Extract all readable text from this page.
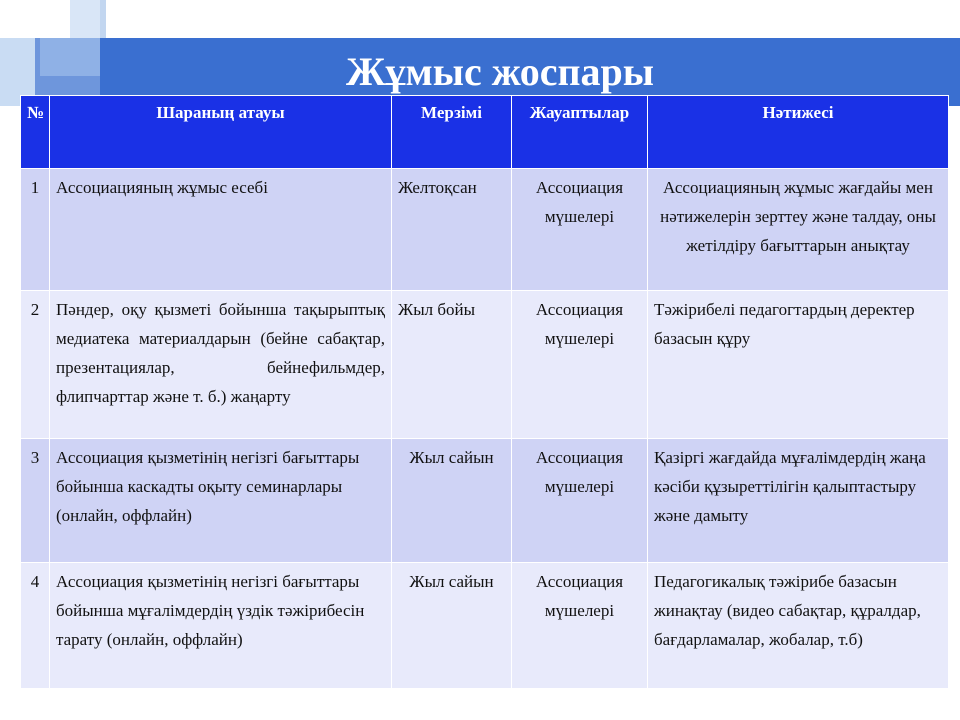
Жұмыс жоспары
№	Шараның атауы	Мерзімі	Жауаптылар	Нәтижесі
1	Ассоциацияның жұмыс есебі	Желтоқсан	Ассоциация мүшелері	Ассоциацияның жұмыс жағдайы мен нәтижелерін зерттеу және талдау, оны жетілдіру бағыттарын анықтау
2	Пәндер, оқу қызметі бойынша тақырыптық медиатека материалдарын (бейне сабақтар, презентациялар, бейнефильмдер, флипчарттар және т. б.) жаңарту	Жыл бойы	Ассоциация мүшелері	Тәжірибелі педагогтардың деректер базасын құру
3	Ассоциация қызметінің негізгі бағыттары бойынша каскадты оқыту семинарлары (онлайн, оффлайн)	Жыл сайын	Ассоциация мүшелері	Қазіргі жағдайда мұғалімдердің жаңа кәсіби құзыреттілігін қалыптастыру және дамыту
4	Ассоциация қызметінің негізгі бағыттары бойынша мұғалімдердің үздік тәжірибесін тарату (онлайн, оффлайн)	Жыл сайын	Ассоциация мүшелері	Педагогикалық тәжірибе базасын жинақтау (видео сабақтар, құралдар, бағдарламалар, жобалар, т.б)
